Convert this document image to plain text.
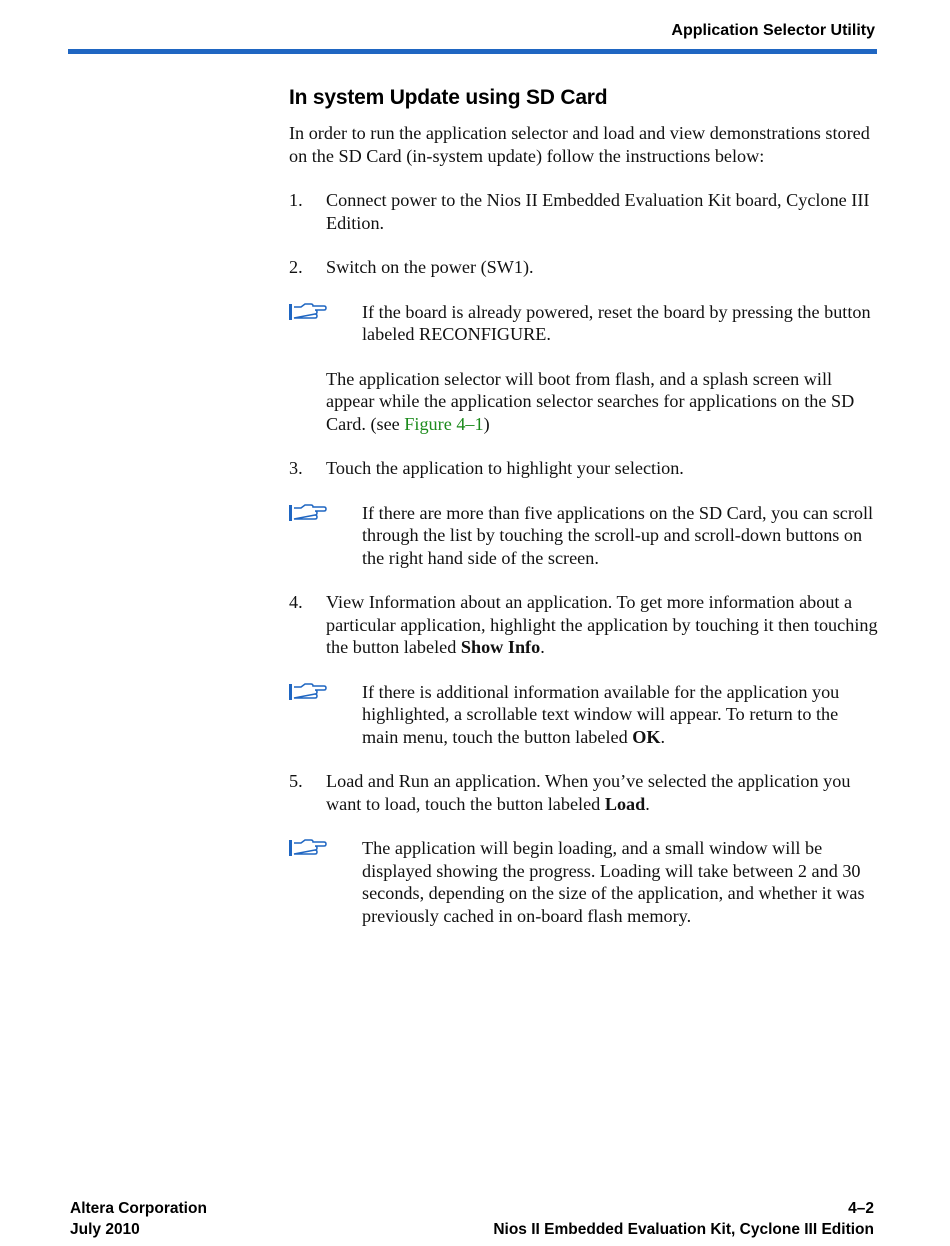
Application Selector Utility
In system Update using SD Card

In order to run the application selector and load and view demonstrations stored on the SD Card (in-system update) follow the instructions below:

1. Connect power to the Nios II Embedded Evaluation Kit board, Cyclone III Edition.
2. Switch on the power (SW1).
If the board is already powered, reset the board by pressing the button labeled RECONFIGURE.

The application selector will boot from flash, and a splash screen will appear while the application selector searches for applications on the SD Card. (see Figure 4–1)

3. Touch the application to highlight your selection.
If there are more than five applications on the SD Card, you can scroll through the list by touching the scroll-up and scroll-down buttons on the right hand side of the screen.
4. View Information about an application. To get more information about a particular application, highlight the application by touching it then touching the button labeled Show Info.
If there is additional information available for the application you highlighted, a scrollable text window will appear. To return to the main menu, touch the button labeled OK.
5. Load and Run an application. When you’ve selected the application you want to load, touch the button labeled Load.
The application will begin loading, and a small window will be displayed showing the progress. Loading will take between 2 and 30 seconds, depending on the size of the application, and whether it was previously cached in on-board flash memory.
Altera Corporation
July 2010
4–2
Nios II Embedded Evaluation Kit, Cyclone III Edition
